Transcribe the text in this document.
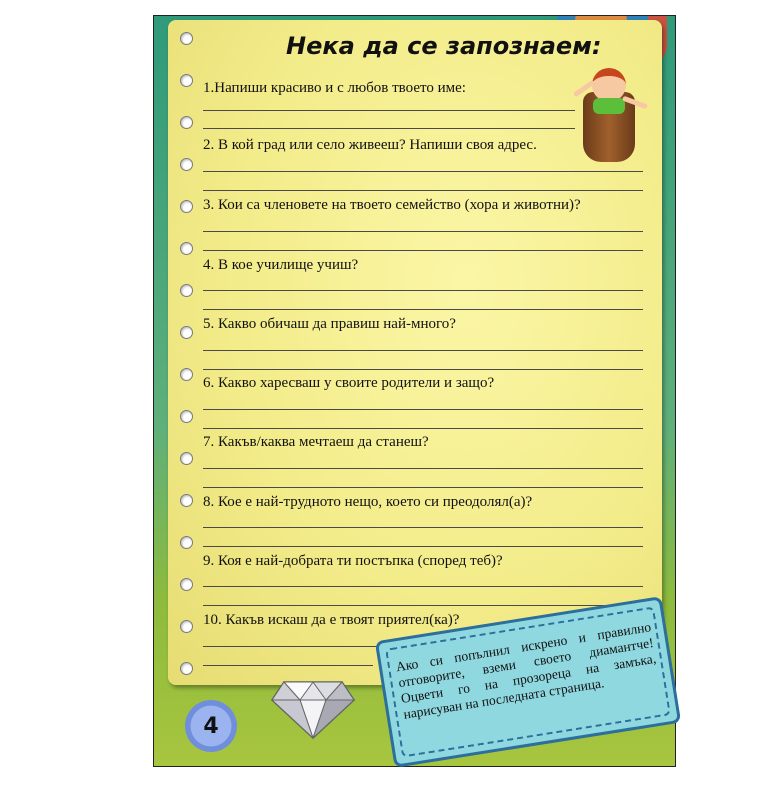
Нека да се запознаем:
1.Напиши красиво и с любов твоето име:
2. В кой град или село живееш? Напиши своя адрес.
3. Кои са членовете на твоето семейство (хора и животни)?
4. В кое училище учиш?
5. Какво обичаш да правиш най-много?
6. Какво харесваш у своите родители и защо?
7. Какъв/каква мечтаеш да станеш?
8. Кое е най-трудното нещо, което си преодолял(а)?
9. Коя е най-добрата ти постъпка (според теб)?
10. Какъв искаш да е твоят приятел(ка)?
4
Ако си попълнил искрено и правилно отговорите, вземи своето диамантче! Оцвети го на прозореца на замъка, нарисуван на последната страница.
